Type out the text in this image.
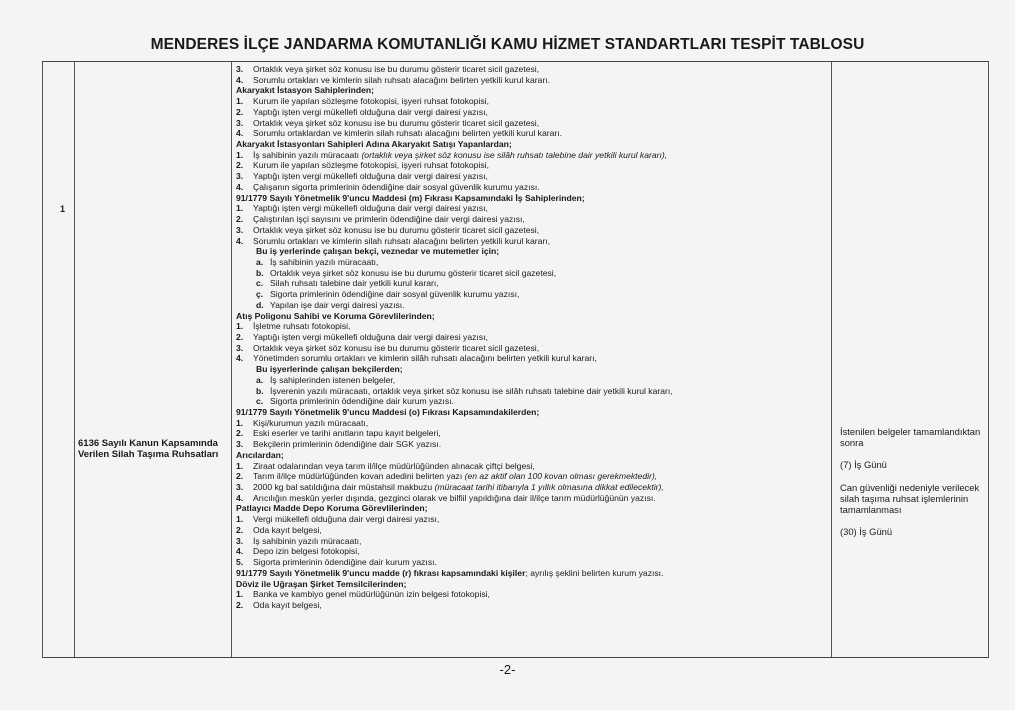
MENDERES İLÇE JANDARMA KOMUTANLIĞI KAMU HİZMET STANDARTLARI TESPİT TABLOSU
1
6136 Sayılı Kanun Kapsamında Verilen Silah Taşıma Ruhsatları
3. Ortaklık veya şirket söz konusu ise bu durumu gösterir ticaret sicil gazetesi,
4. Sorumlu ortakları ve kimlerin silah ruhsatı alacağını belirten yetkili kurul kararı.
Akaryakıt İstasyon Sahiplerinden;
1. Kurum ile yapılan sözleşme fotokopisi, işyeri ruhsat fotokopisi,
2. Yaptığı işten vergi mükellefi olduğuna dair vergi dairesi yazısı,
3. Ortaklık veya şirket söz konusu ise bu durumu gösterir ticaret sicil gazetesi,
4. Sorumlu ortaklardan ve kimlerin silah ruhsatı alacağını belirten yetkili kurul kararı.
Akaryakıt İstasyonları Sahipleri Adına Akaryakıt Satışı Yapanlardan;
1. İş sahibinin yazılı müracaatı (ortaklık veya şirket söz konusu ise silâh ruhsatı talebine dair yetkili kurul kararı),
2. Kurum ile yapılan sözleşme fotokopisi, işyeri ruhsat fotokopisi,
3. Yaptığı işten vergi mükellefi olduğuna dair vergi dairesi yazısı,
4. Çalışanın sigorta primlerinin ödendiğine dair sosyal güvenlik kurumu yazısı.
91/1779 Sayılı Yönetmelik 9'uncu Maddesi (m) Fıkrası Kapsamındaki İş Sahiplerinden;
1. Yaptığı işten vergi mükellefi olduğuna dair vergi dairesi yazısı,
2. Çalıştırılan işçi sayısını ve primlerin ödendiğine dair vergi dairesi yazısı,
3. Ortaklık veya şirket söz konusu ise bu durumu gösterir ticaret sicil gazetesi,
4. Sorumlu ortakları ve kimlerin silah ruhsatı alacağını belirten yetkili kurul kararı,
Bu iş yerlerinde çalışan bekçi, veznedar ve mutemetler için;
a. İş sahibinin yazılı müracaatı,
b. Ortaklık veya şirket söz konusu ise bu durumu gösterir ticaret sicil gazetesi,
c. Silah ruhsatı talebine dair yetkili kurul kararı,
ç. Sigorta primlerinin ödendiğine dair sosyal güvenlik kurumu yazısı,
d. Yapılan işe dair vergi dairesi yazısı.
Atış Poligonu Sahibi ve Koruma Görevlilerinden;
1. İşletme ruhsatı fotokopisi,
2. Yaptığı işten vergi mükellefi olduğuna dair vergi dairesi yazısı,
3. Ortaklık veya şirket söz konusu ise bu durumu gösterir ticaret sicil gazetesi,
4. Yönetimden sorumlu ortakları ve kimlerin silâh ruhsatı alacağını belirten yetkili kurul kararı,
Bu işyerlerinde çalışan bekçilerden;
a. İş sahiplerinden istenen belgeler,
b. İşverenin yazılı müracaatı, ortaklık veya şirket söz konusu ise silâh ruhsatı talebine dair yetkili kurul kararı,
c. Sigorta primlerinin ödendiğine dair kurum yazısı.
91/1779 Sayılı Yönetmelik 9'uncu Maddesi (o) Fıkrası Kapsamındakilerden;
1. Kişi/kurumun yazılı müracaatı,
2. Eski eserler ve tarihi anıtların tapu kayıt belgeleri,
3. Bekçilerin primlerinin ödendiğine dair SGK yazısı.
Arıcılardan;
1. Ziraat odalarından veya tarım il/ilçe müdürlüğünden alınacak çiftçi belgesi,
2. Tarım il/ilçe müdürlüğünden kovan adedini belirten yazı (en az aktif olan 100 kovan olması gerekmektedir),
3. 2000 kg bal satıldığına dair müstahsil makbuzu (müracaat tarihi itibarıyla 1 yıllık olmasına dikkat edilecektir),
4. Arıcılığın meskûn yerler dışında, gezginci olarak ve bilfiil yapıldığına dair il/ilçe tarım müdürlüğünün yazısı.
Patlayıcı Madde Depo Koruma Görevlilerinden;
1. Vergi mükellefi olduğuna dair vergi dairesi yazısı,
2. Oda kayıt belgesi,
3. İş sahibinin yazılı müracaatı,
4. Depo izin belgesi fotokopisi,
5. Sigorta primlerinin ödendiğine dair kurum yazısı.
91/1779 Sayılı Yönetmelik 9'uncu madde (r) fıkrası kapsamındaki kişiler; ayrılış şeklini belirten kurum yazısı.
Döviz ile Uğraşan Şirket Temsilcilerinden;
1. Banka ve kambiyo genel müdürlüğünün izin belgesi fotokopisi,
2. Oda kayıt belgesi,

İstenilen belgeler tamamlandıktan sonra

(7) İş Günü

Can güvenliği nedeniyle verilecek silah taşıma ruhsat işlemlerinin tamamlanması

(30) İş Günü

-2-
